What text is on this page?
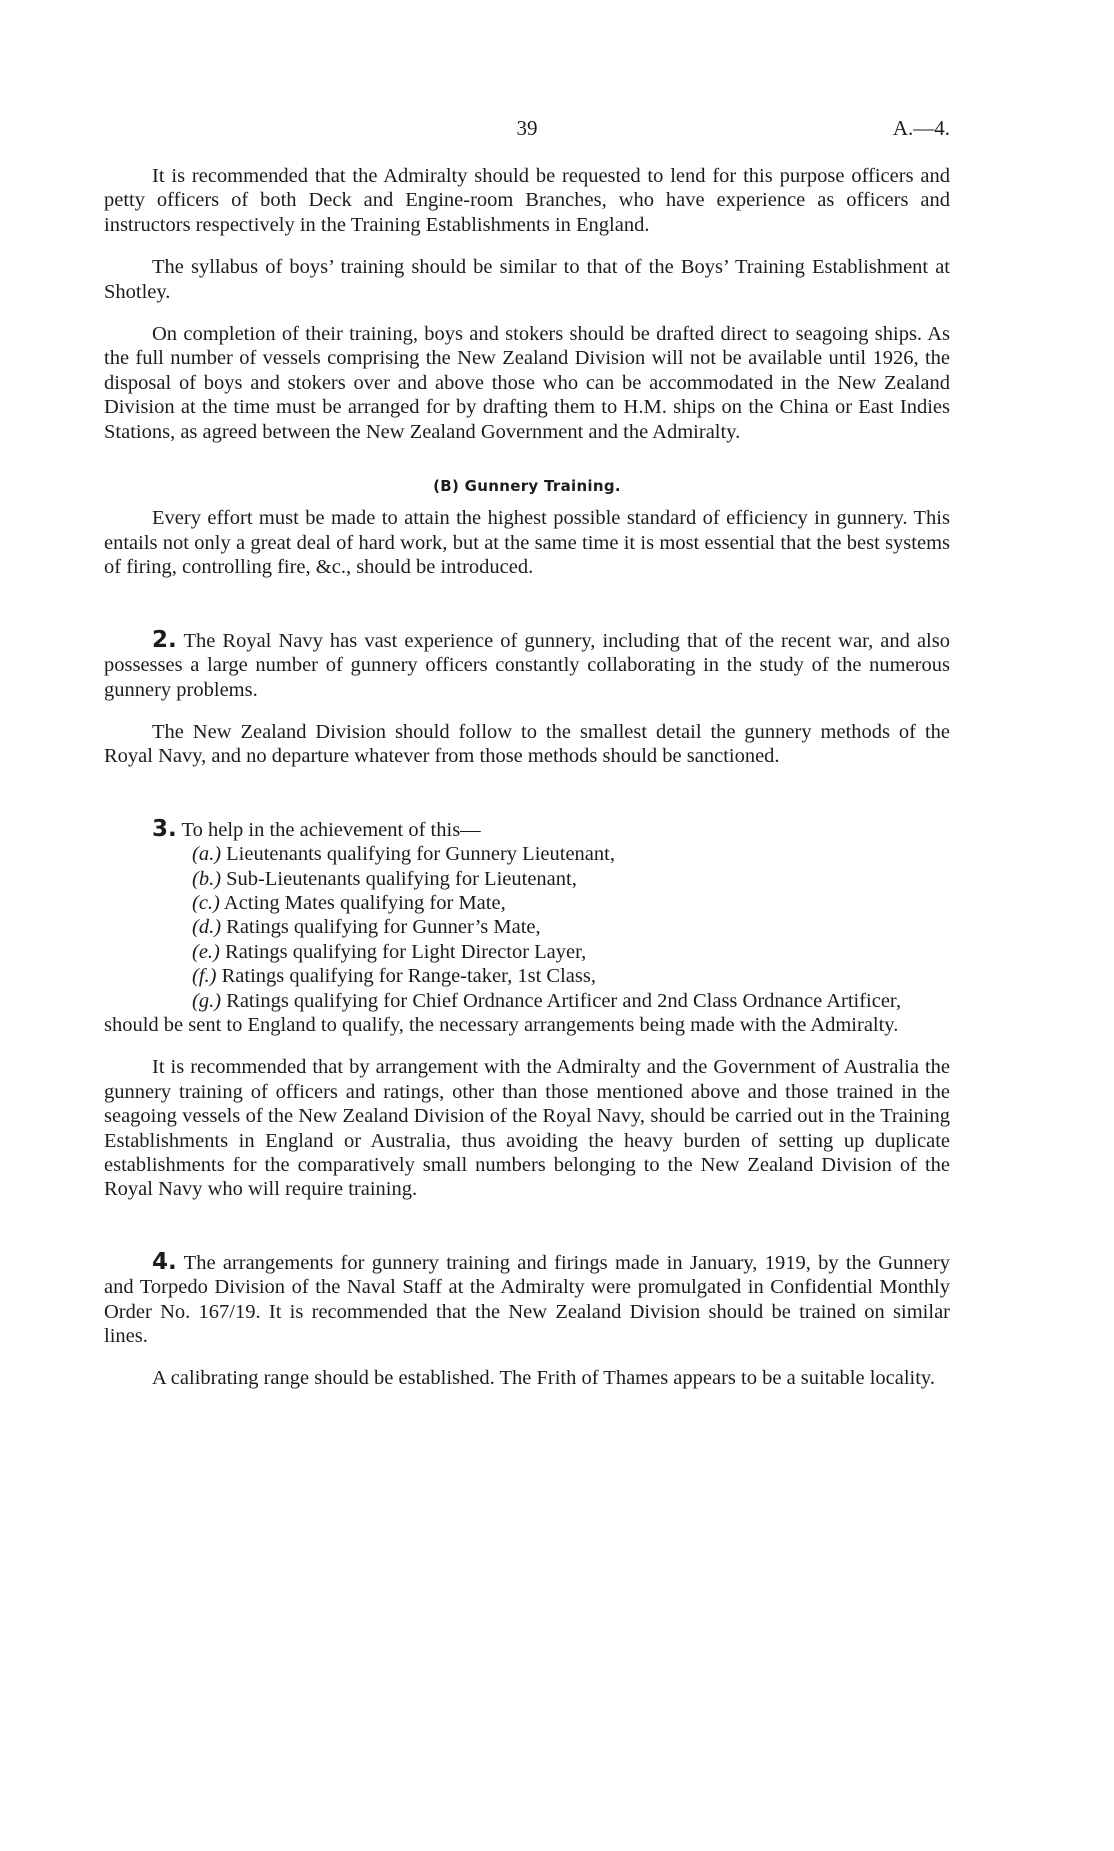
39	A.—4.

It is recommended that the Admiralty should be requested to lend for this purpose officers and petty officers of both Deck and Engine-room Branches, who have experience as officers and instructors respectively in the Training Establishments in England.

The syllabus of boys’ training should be similar to that of the Boys’ Training Establishment at Shotley.

On completion of their training, boys and stokers should be drafted direct to seagoing ships. As the full number of vessels comprising the New Zealand Division will not be available until 1926, the disposal of boys and stokers over and above those who can be accommodated in the New Zealand Division at the time must be arranged for by drafting them to H.M. ships on the China or East Indies Stations, as agreed between the New Zealand Government and the Admiralty.

(B) Gunnery Training.

Every effort must be made to attain the highest possible standard of efficiency in gunnery. This entails not only a great deal of hard work, but at the same time it is most essential that the best systems of firing, controlling fire, &c., should be introduced.

2. The Royal Navy has vast experience of gunnery, including that of the recent war, and also possesses a large number of gunnery officers constantly collaborating in the study of the numerous gunnery problems.

The New Zealand Division should follow to the smallest detail the gunnery methods of the Royal Navy, and no departure whatever from those methods should be sanctioned.

3. To help in the achievement of this—
(a.) Lieutenants qualifying for Gunnery Lieutenant,
(b.) Sub-Lieutenants qualifying for Lieutenant,
(c.) Acting Mates qualifying for Mate,
(d.) Ratings qualifying for Gunner’s Mate,
(e.) Ratings qualifying for Light Director Layer,
(f.) Ratings qualifying for Range-taker, 1st Class,
(g.) Ratings qualifying for Chief Ordnance Artificer and 2nd Class Ordnance Artificer,

should be sent to England to qualify, the necessary arrangements being made with the Admiralty.

It is recommended that by arrangement with the Admiralty and the Government of Australia the gunnery training of officers and ratings, other than those mentioned above and those trained in the seagoing vessels of the New Zealand Division of the Royal Navy, should be carried out in the Training Establishments in England or Australia, thus avoiding the heavy burden of setting up duplicate establishments for the comparatively small numbers belonging to the New Zealand Division of the Royal Navy who will require training.

4. The arrangements for gunnery training and firings made in January, 1919, by the Gunnery and Torpedo Division of the Naval Staff at the Admiralty were promulgated in Confidential Monthly Order No. 167/19. It is recommended that the New Zealand Division should be trained on similar lines.

A calibrating range should be established. The Frith of Thames appears to be a suitable locality.
